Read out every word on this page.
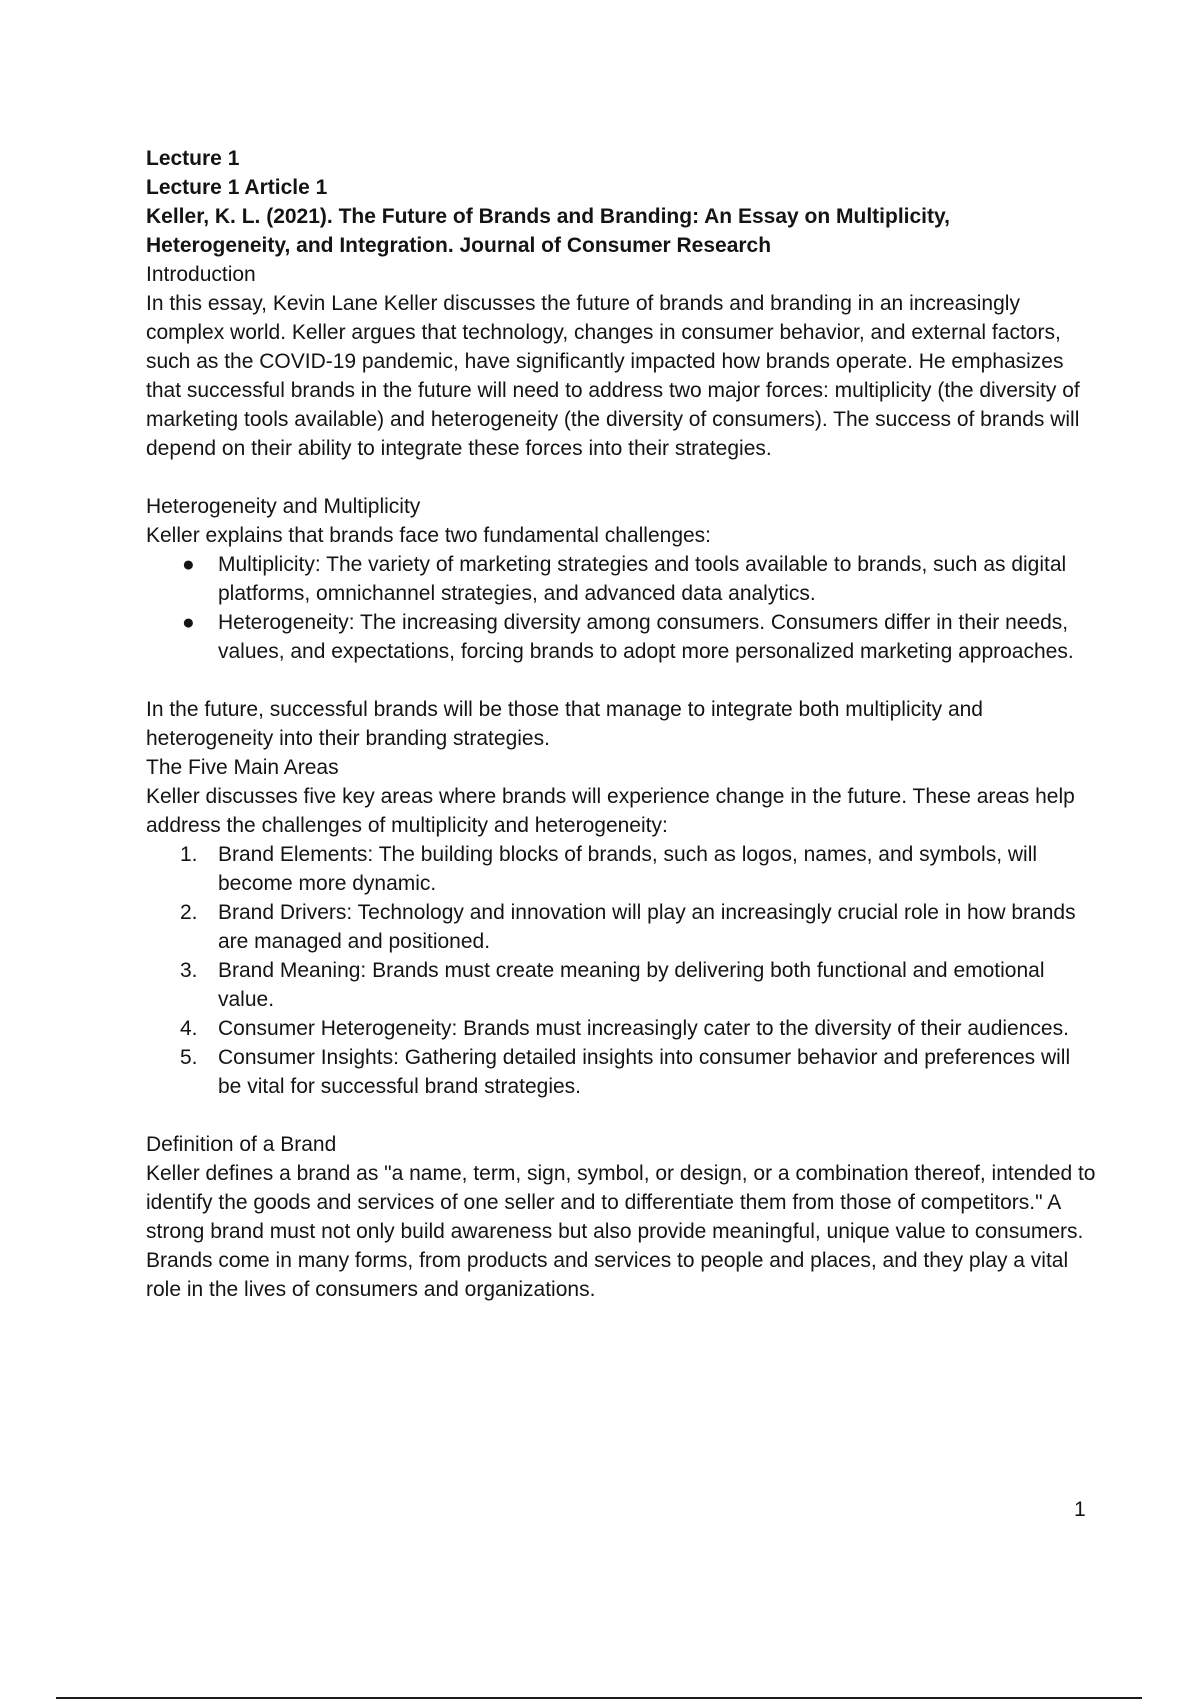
Lecture 1

Lecture 1 Article 1

Keller, K. L. (2021). The Future of Brands and Branding: An Essay on Multiplicity,
Heterogeneity, and Integration. Journal of Consumer Research

Introduction

In this essay, Kevin Lane Keller discusses the future of brands and branding in an increasingly complex world. Keller argues that technology, changes in consumer behavior, and external factors, such as the COVID-19 pandemic, have significantly impacted how brands operate. He emphasizes that successful brands in the future will need to address two major forces: multiplicity (the diversity of marketing tools available) and heterogeneity (the diversity of consumers). The success of brands will depend on their ability to integrate these forces into their strategies.

Heterogeneity and Multiplicity

Keller explains that brands face two fundamental challenges:

● Multiplicity: The variety of marketing strategies and tools available to brands, such as digital platforms, omnichannel strategies, and advanced data analytics.
● Heterogeneity: The increasing diversity among consumers. Consumers differ in their needs, values, and expectations, forcing brands to adopt more personalized marketing approaches.

In the future, successful brands will be those that manage to integrate both multiplicity and heterogeneity into their branding strategies.

The Five Main Areas

Keller discusses five key areas where brands will experience change in the future. These areas help address the challenges of multiplicity and heterogeneity:

1. Brand Elements: The building blocks of brands, such as logos, names, and symbols, will become more dynamic.
2. Brand Drivers: Technology and innovation will play an increasingly crucial role in how brands are managed and positioned.
3. Brand Meaning: Brands must create meaning by delivering both functional and emotional value.
4. Consumer Heterogeneity: Brands must increasingly cater to the diversity of their audiences.
5. Consumer Insights: Gathering detailed insights into consumer behavior and preferences will be vital for successful brand strategies.

Definition of a Brand

Keller defines a brand as "a name, term, sign, symbol, or design, or a combination thereof, intended to identify the goods and services of one seller and to differentiate them from those of competitors." A strong brand must not only build awareness but also provide meaningful, unique value to consumers. Brands come in many forms, from products and services to people and places, and they play a vital role in the lives of consumers and organizations.

1
